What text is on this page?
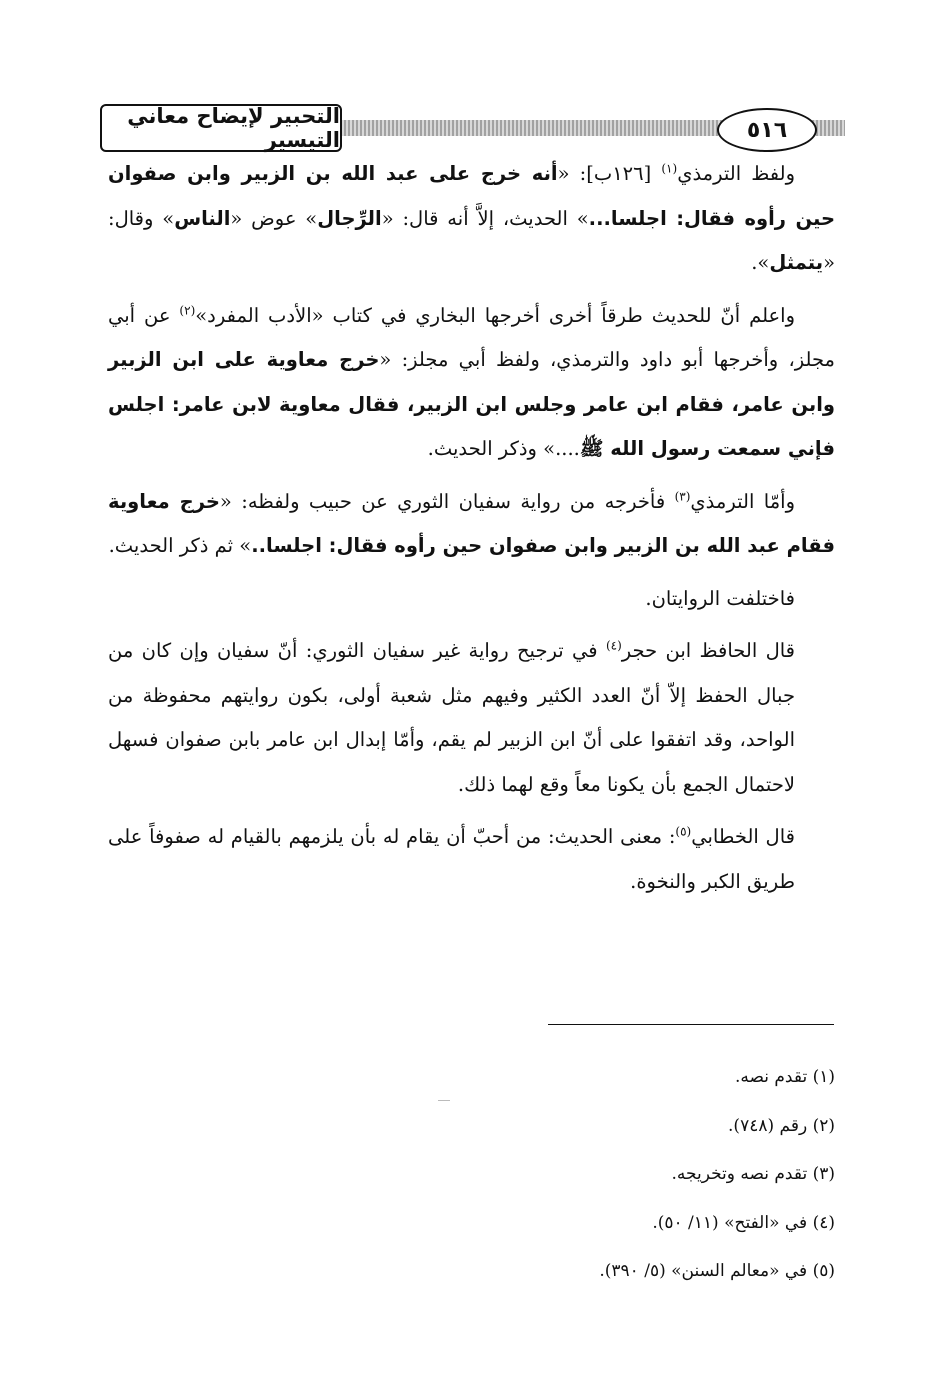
التحبير لإيضاح معاني التيسير	٥١٦

ولفظ الترمذي$^{(١)}$ [١٢٦ب]: «أنه خرج على عبد الله بن الزبير وابن صفوان حين رأوه فقال: اجلسا...» الحديث، إلاَّ أنه قال: «الرِّجال» عوض «الناس» وقال: «يتمثل».

واعلم أنّ للحديث طرقاً أخرى أخرجها البخاري في كتاب «الأدب المفرد»$^{(٢)}$ عن أبي مجلز، وأخرجها أبو داود والترمذي، ولفظ أبي مجلز: «خرج معاوية على ابن الزبير وابن عامر، فقام ابن عامر وجلس ابن الزبير، فقال معاوية لابن عامر: اجلس فإني سمعت رسول الله ﷺ....» وذكر الحديث.

وأمّا الترمذي$^{(٣)}$ فأخرجه من رواية سفيان الثوري عن حبيب ولفظه: «خرج معاوية فقام عبد الله بن الزبير وابن صفوان حين رأوه فقال: اجلسا..» ثم ذكر الحديث.

فاختلفت الروايتان.

قال الحافظ ابن حجر$^{(٤)}$ في ترجيح رواية غير سفيان الثوري: أنّ سفيان وإن كان من جبال الحفظ إلاّ أنّ العدد الكثير وفيهم مثل شعبة أولى، بكون روايتهم محفوظة من الواحد، وقد اتفقوا على أنّ ابن الزبير لم يقم، وأمّا إبدال ابن عامر بابن صفوان فسهل لاحتمال الجمع بأن يكونا معاً وقع لهما ذلك.

قال الخطابي$^{(٥)}$: معنى الحديث: من أحبّ أن يقام له بأن يلزمهم بالقيام له صفوفاً على طريق الكبر والنخوة.

(١) تقدم نصه.
(٢) رقم (٧٤٨).
(٣) تقدم نصه وتخريجه.
(٤) في «الفتح» (١١/ ٥٠).
(٥) في «معالم السنن» (٥/ ٣٩٠).
